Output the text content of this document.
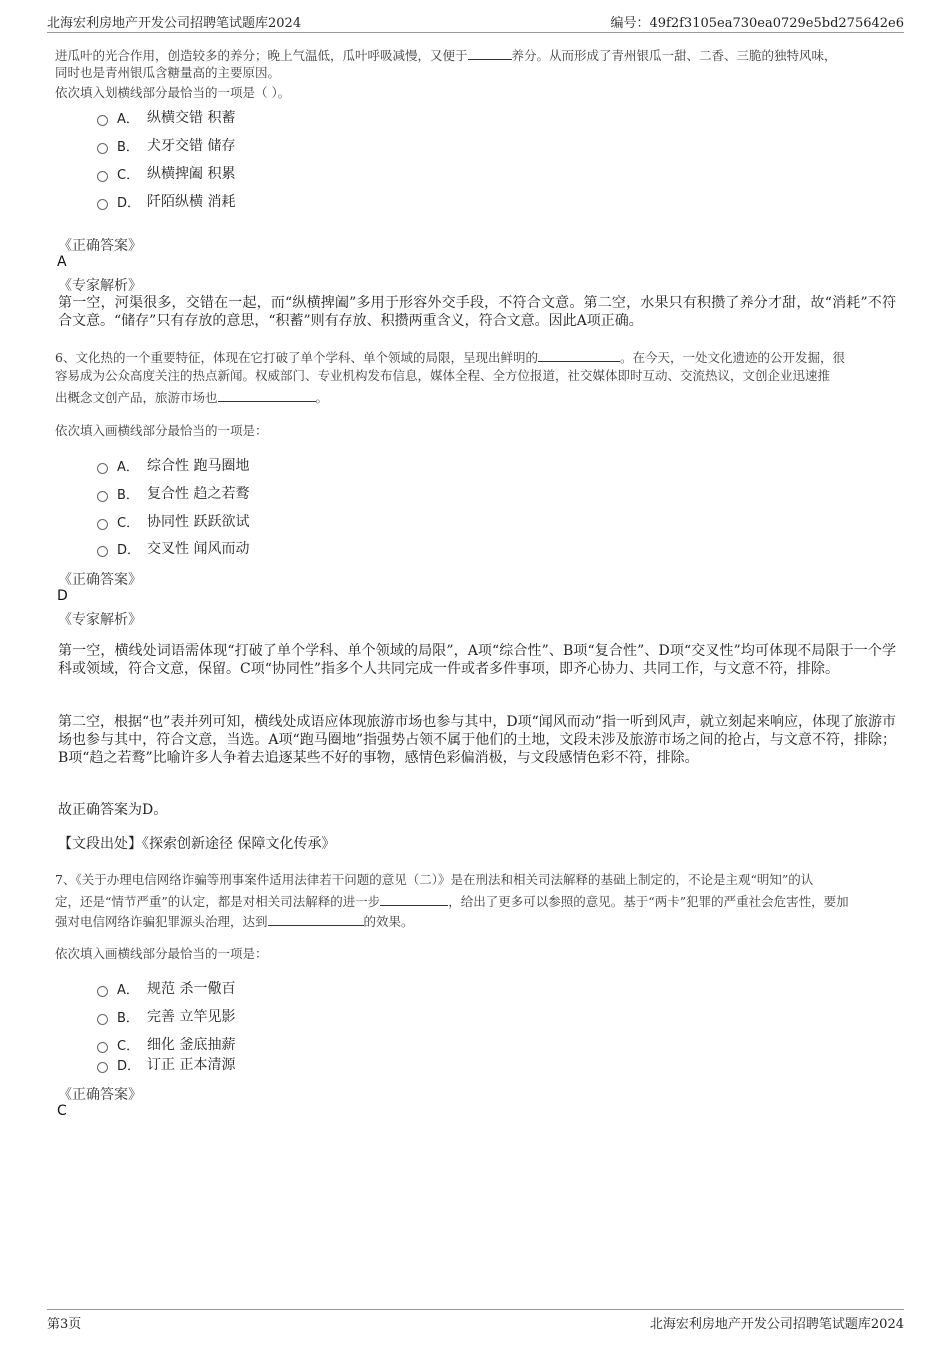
北海宏利房地产开发公司招聘笔试题库2024	编号：49f2f3105ea730ea0729e5bd275642e6
进瓜叶的光合作用，创造较多的养分；晚上气温低，瓜叶呼吸减慢，又便于	养分。从而形成了青州银瓜一甜、二香、三脆的独特风味，
同时也是青州银瓜含糖量高的主要原因。
依次填入划横线部分最恰当的一项是（ ）。
A． 纵横交错 积蓄
B． 犬牙交错 储存
C． 纵横捭阖 积累
D． 阡陌纵横 消耗
《正确答案》
A
《专家解析》
第一空，河渠很多，交错在一起，而“纵横捭阖”多用于形容外交手段，不符合文意。第二空，水果只有积攒了养分才甜，故“消耗”不符合文意。“储存”只有存放的意思，“积蓄”则有存放、积攒两重含义，符合文意。因此A项正确。
6、文化热的一个重要特征，体现在它打破了单个学科、单个领域的局限，呈现出鲜明的	。在今天，一处文化遗迹的公开发掘，很
容易成为公众高度关注的热点新闻。权威部门、专业机构发布信息，媒体全程、全方位报道，社交媒体即时互动、交流热议，文创企业迅速推
出概念文创产品，旅游市场也	。
依次填入画横线部分最恰当的一项是：
A． 综合性 跑马圈地
B． 复合性 趋之若鹜
C． 协同性 跃跃欲试
D． 交叉性 闻风而动
《正确答案》
D
《专家解析》
第一空，横线处词语需体现“打破了单个学科、单个领域的局限”，A项“综合性”、B项“复合性”、D项“交叉性”均可体现不局限于一个学科或领域，符合文意，保留。C项“协同性”指多个人共同完成一件或者多件事项，即齐心协力、共同工作，与文意不符，排除。
第二空，根据“也”表并列可知，横线处成语应体现旅游市场也参与其中，D项“闻风而动”指一听到风声，就立刻起来响应，体现了旅游市场也参与其中，符合文意，当选。A项“跑马圈地”指强势占领不属于他们的土地，文段未涉及旅游市场之间的抢占，与文意不符，排除；B项“趋之若鹜”比喻许多人争着去追逐某些不好的事物，感情色彩偏消极，与文段感情色彩不符，排除。
故正确答案为D。
【文段出处】《探索创新途径 保障文化传承》
7、《关于办理电信网络诈骗等刑事案件适用法律若干问题的意见（二）》是在刑法和相关司法解释的基础上制定的，不论是主观“明知”的认
定，还是“情节严重”的认定，都是对相关司法解释的进一步	，给出了更多可以参照的意见。基于“两卡”犯罪的严重社会危害性，要加
强对电信网络诈骗犯罪源头治理，达到	的效果。
依次填入画横线部分最恰当的一项是：
A． 规范 杀一儆百
B． 完善 立竿见影
C． 细化 釜底抽薪
D． 订正 正本清源
《正确答案》
C
第3页	北海宏利房地产开发公司招聘笔试题库2024
